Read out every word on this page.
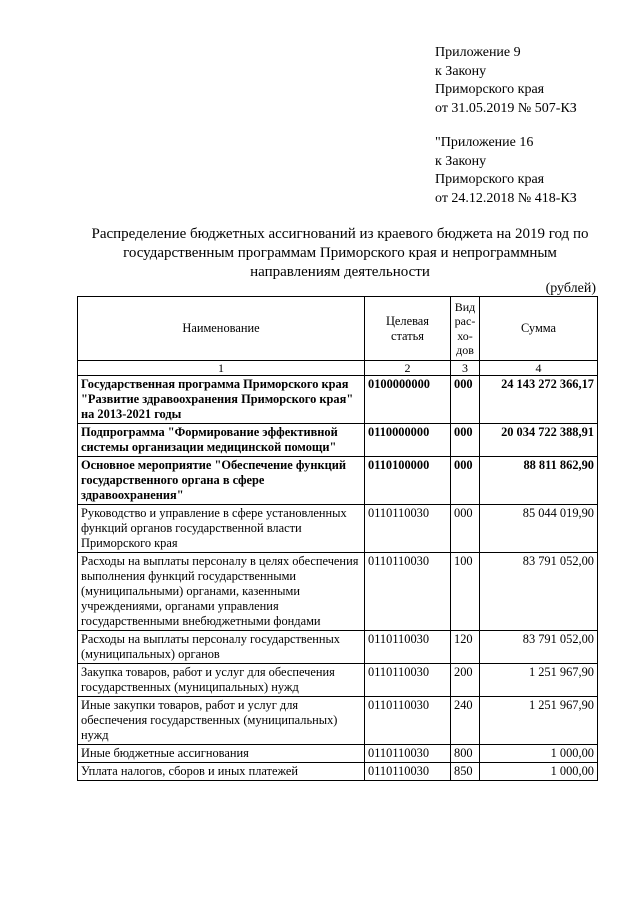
Приложение 9
к Закону
Приморского края
от 31.05.2019 № 507-КЗ
"Приложение 16
к Закону
Приморского края
от 24.12.2018 № 418-КЗ
Распределение бюджетных ассигнований из краевого бюджета на 2019 год по
государственным программам Приморского края и непрограммным
направлениям деятельности
(рублей)
Наименование	Целевая статья	Вид рас- хо- дов	Сумма
1	2	3	4
Государственная программа Приморского края "Развитие здравоохранения Приморского края" на 2013-2021 годы	0100000000	000	24 143 272 366,17
Подпрограмма "Формирование эффективной системы организации медицинской помощи"	0110000000	000	20 034 722 388,91
Основное мероприятие "Обеспечение функций государственного органа в сфере здравоохранения"	0110100000	000	88 811 862,90
Руководство и управление в сфере установленных функций органов государственной власти Приморского края	0110110030	000	85 044 019,90
Расходы на выплаты персоналу в целях обеспечения выполнения функций государственными (муниципальными) органами, казенными учреждениями, органами управления государственными внебюджетными фондами	0110110030	100	83 791 052,00
Расходы на выплаты персоналу государственных (муниципальных) органов	0110110030	120	83 791 052,00
Закупка товаров, работ и услуг для обеспечения государственных (муниципальных) нужд	0110110030	200	1 251 967,90
Иные закупки товаров, работ и услуг для обеспечения государственных (муниципальных) нужд	0110110030	240	1 251 967,90
Иные бюджетные ассигнования	0110110030	800	1 000,00
Уплата налогов, сборов и иных платежей	0110110030	850	1 000,00
